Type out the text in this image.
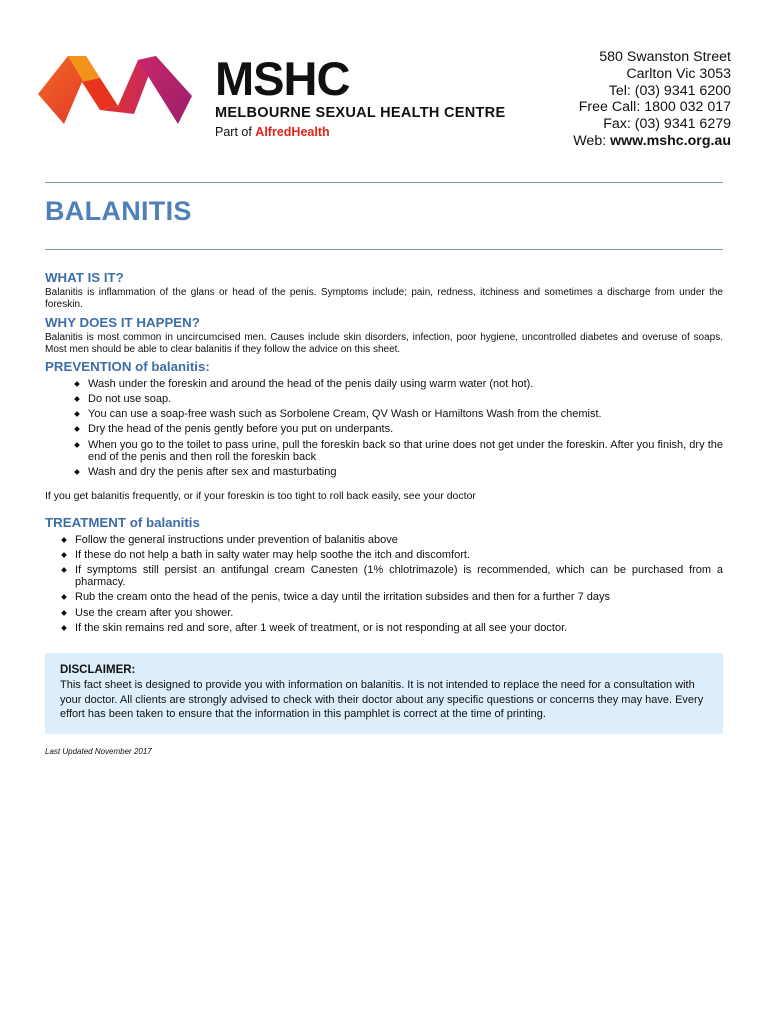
MSHC
MELBOURNE SEXUAL HEALTH CENTRE
Part of AlfredHealth
580 Swanston Street
Carlton Vic 3053
Tel: (03) 9341 6200
Free Call: 1800 032 017
Fax: (03) 9341 6279
Web: www.mshc.org.au
BALANITIS
WHAT IS IT?

Balanitis is inflammation of the glans or head of the penis. Symptoms include; pain, redness, itchiness and sometimes a discharge from under the foreskin.

WHY DOES IT HAPPEN?

Balanitis is most common in uncircumcised men. Causes include skin disorders, infection, poor hygiene, uncontrolled diabetes and overuse of soaps. Most men should be able to clear balanitis if they follow the advice on this sheet.

PREVENTION of balanitis:
Wash under the foreskin and around the head of the penis daily using warm water (not hot).
Do not use soap.
You can use a soap-free wash such as Sorbolene Cream, QV Wash or Hamiltons Wash from the chemist.
Dry the head of the penis gently before you put on underpants.
When you go to the toilet to pass urine, pull the foreskin back so that urine does not get under the foreskin. After you finish, dry the end of the penis and then roll the foreskin back
Wash and dry the penis after sex and masturbating
If you get balanitis frequently, or if your foreskin is too tight to roll back easily, see your doctor
TREATMENT of balanitis
Follow the general instructions under prevention of balanitis above
If these do not help a bath in salty water may help soothe the itch and discomfort.
If symptoms still persist an antifungal cream Canesten (1% chlotrimazole) is recommended, which can be purchased from a pharmacy.
Rub the cream onto the head of the penis, twice a day until the irritation subsides and then for a further 7 days
Use the cream after you shower.
If the skin remains red and sore, after 1 week of treatment, or is not responding at all see your doctor.
DISCLAIMER:
This fact sheet is designed to provide you with information on balanitis. It is not intended to replace the need for a consultation with your doctor. All clients are strongly advised to check with their doctor about any specific questions or concerns they may have. Every effort has been taken to ensure that the information in this pamphlet is correct at the time of printing.
Last Updated November 2017
